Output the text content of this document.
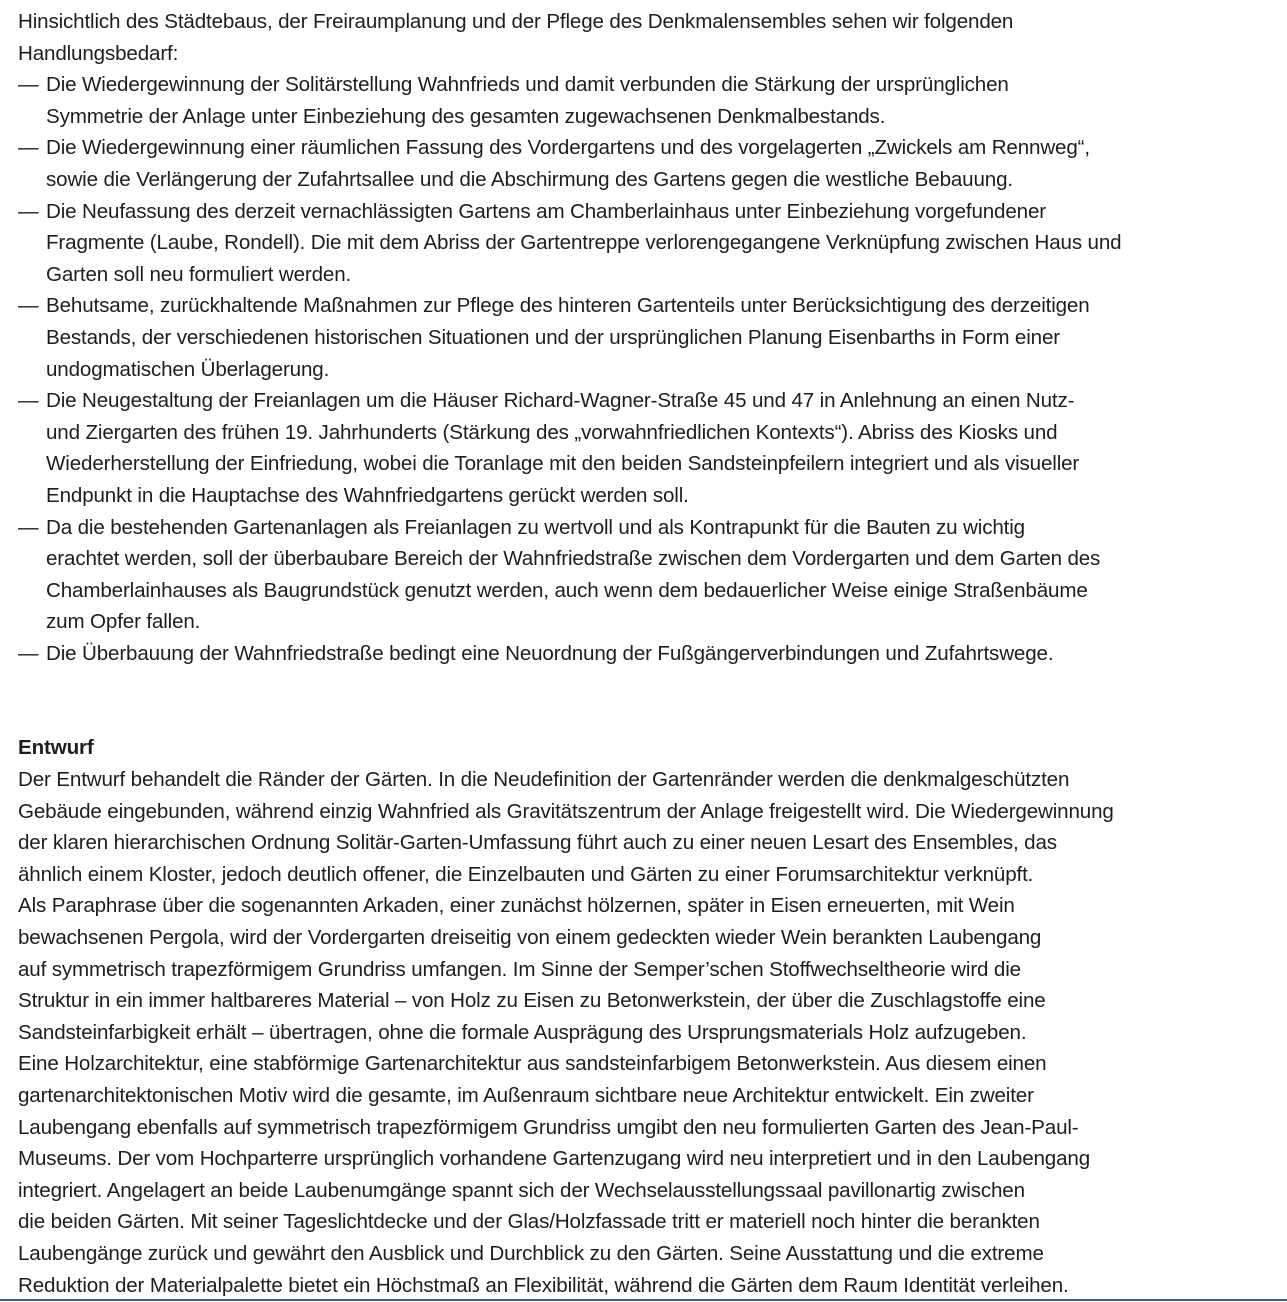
Hinsichtlich des Städtebaus, der Freiraumplanung und der Pflege des Denkmalensembles sehen wir folgenden
Handlungsbedarf:
— Die Wiedergewinnung der Solitärstellung Wahnfrieds und damit verbunden die Stärkung der ursprünglichen
Symmetrie der Anlage unter Einbeziehung des gesamten zugewachsenen Denkmalbestands.
— Die Wiedergewinnung einer räumlichen Fassung des Vordergartens und des vorgelagerten „Zwickels am Rennweg“,
sowie die Verlängerung der Zufahrtsallee und die Abschirmung des Gartens gegen die westliche Bebauung.
— Die Neufassung des derzeit vernachlässigten Gartens am Chamberlainhaus unter Einbeziehung vorgefundener
Fragmente (Laube, Rondell). Die mit dem Abriss der Gartentreppe verlorengegangene Verknüpfung zwischen Haus und
Garten soll neu formuliert werden.
— Behutsame, zurückhaltende Maßnahmen zur Pflege des hinteren Gartenteils unter Berücksichtigung des derzeitigen
Bestands, der verschiedenen historischen Situationen und der ursprünglichen Planung Eisenbarths in Form einer
undogmatischen Überlagerung.
— Die Neugestaltung der Freianlagen um die Häuser Richard-Wagner-Straße 45 und 47 in Anlehnung an einen Nutz-
und Ziergarten des frühen 19. Jahrhunderts (Stärkung des „vorwahnfriedlichen Kontexts“). Abriss des Kiosks und
Wiederherstellung der Einfriedung, wobei die Toranlage mit den beiden Sandsteinpfeilern integriert und als visueller
Endpunkt in die Hauptachse des Wahnfriedgartens gerückt werden soll.
— Da die bestehenden Gartenanlagen als Freianlagen zu wertvoll und als Kontrapunkt für die Bauten zu wichtig
erachtet werden, soll der überbaubare Bereich der Wahnfriedstraße zwischen dem Vordergarten und dem Garten des
Chamberlainhauses als Baugrundstück genutzt werden, auch wenn dem bedauerlicher Weise einige Straßenbäume
zum Opfer fallen.
— Die Überbauung der Wahnfriedstraße bedingt eine Neuordnung der Fußgängerverbindungen und Zufahrtswege.
Entwurf
Der Entwurf behandelt die Ränder der Gärten. In die Neudefinition der Gartenränder werden die denkmalgeschützten
Gebäude eingebunden, während einzig Wahnfried als Gravitätszentrum der Anlage freigestellt wird. Die Wiedergewinnung
der klaren hierarchischen Ordnung Solitär-Garten-Umfassung führt auch zu einer neuen Lesart des Ensembles, das
ähnlich einem Kloster, jedoch deutlich offener, die Einzelbauten und Gärten zu einer Forumsarchitektur verknüpft.
Als Paraphrase über die sogenannten Arkaden, einer zunächst hölzernen, später in Eisen erneuerten, mit Wein
bewachsenen Pergola, wird der Vordergarten dreiseitig von einem gedeckten wieder Wein berankten Laubengang
auf symmetrisch trapezförmigem Grundriss umfangen. Im Sinne der Semper’schen Stoffwechseltheorie wird die
Struktur in ein immer haltbareres Material – von Holz zu Eisen zu Betonwerkstein, der über die Zuschlagstoffe eine
Sandsteinfarbigkeit erhält – übertragen, ohne die formale Ausprägung des Ursprungsmaterials Holz aufzugeben.
Eine Holzarchitektur, eine stabförmige Gartenarchitektur aus sandsteinfarbigem Betonwerkstein. Aus diesem einen
gartenarchitektonischen Motiv wird die gesamte, im Außenraum sichtbare neue Architektur entwickelt. Ein zweiter
Laubengang ebenfalls auf symmetrisch trapezförmigem Grundriss umgibt den neu formulierten Garten des Jean-Paul-
Museums. Der vom Hochparterre ursprünglich vorhandene Gartenzugang wird neu interpretiert und in den Laubengang
integriert. Angelagert an beide Laubenumgänge spannt sich der Wechselausstellungssaal pavillonartig zwischen
die beiden Gärten. Mit seiner Tageslichtdecke und der Glas/Holzfassade tritt er materiell noch hinter die berankten
Laubengänge zurück und gewährt den Ausblick und Durchblick zu den Gärten. Seine Ausstattung und die extreme
Reduktion der Materialpalette bietet ein Höchstmaß an Flexibilität, während die Gärten dem Raum Identität verleihen.
